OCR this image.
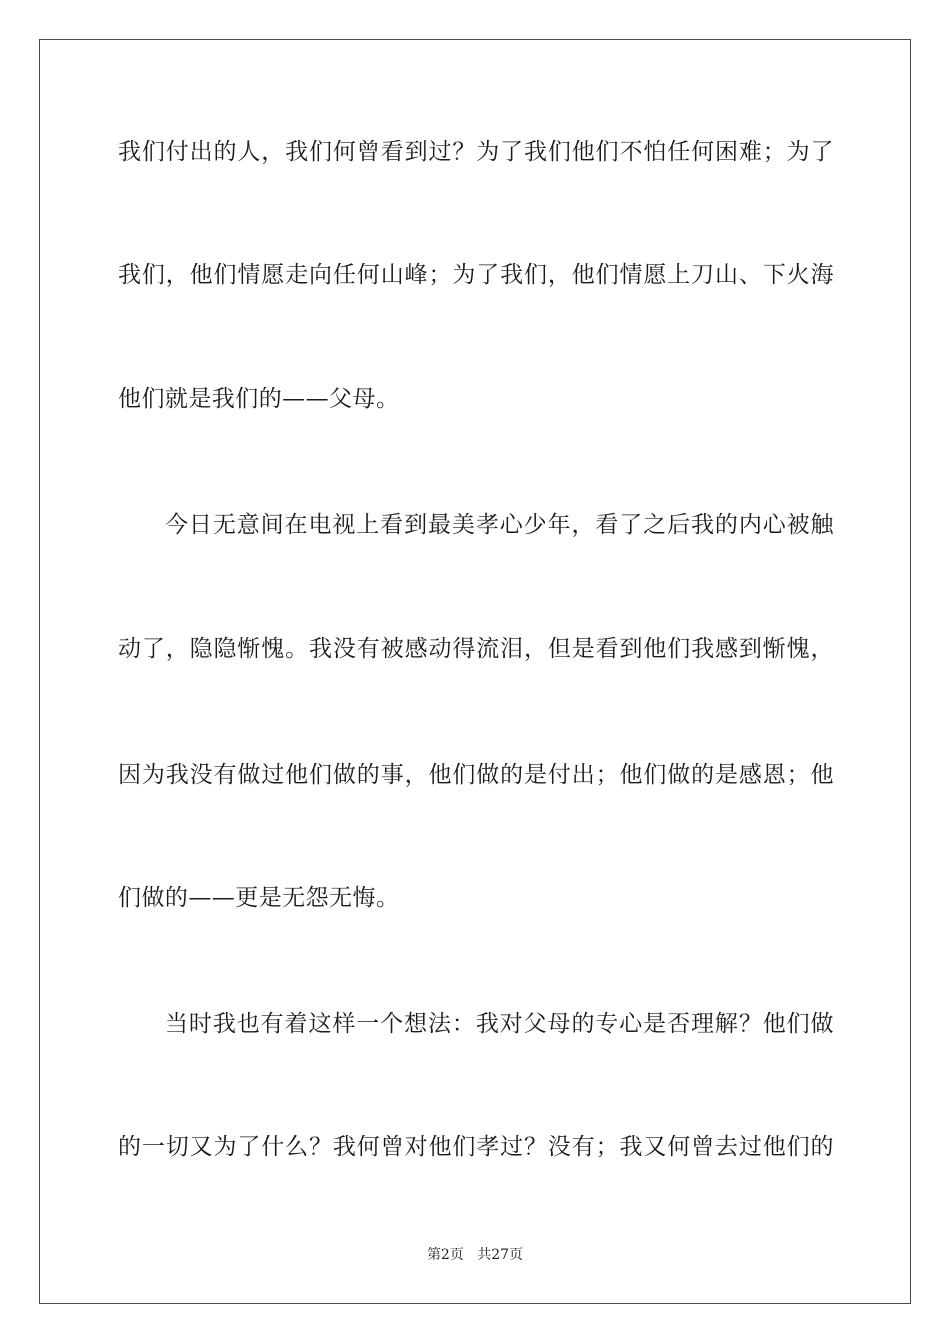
我们付出的人，我们何曾看到过？为了我们他们不怕任何困难；为了
我们，他们情愿走向任何山峰；为了我们，他们情愿上刀山、下火海
他们就是我们的——父母。
今日无意间在电视上看到最美孝心少年，看了之后我的内心被触
动了，隐隐惭愧。我没有被感动得流泪，但是看到他们我感到惭愧，
因为我没有做过他们做的事，他们做的是付出；他们做的是感恩；他
们做的——更是无怨无悔。
当时我也有着这样一个想法：我对父母的专心是否理解？他们做
的一切又为了什么？我何曾对他们孝过？没有；我又何曾去过他们的
第2页 共27页
